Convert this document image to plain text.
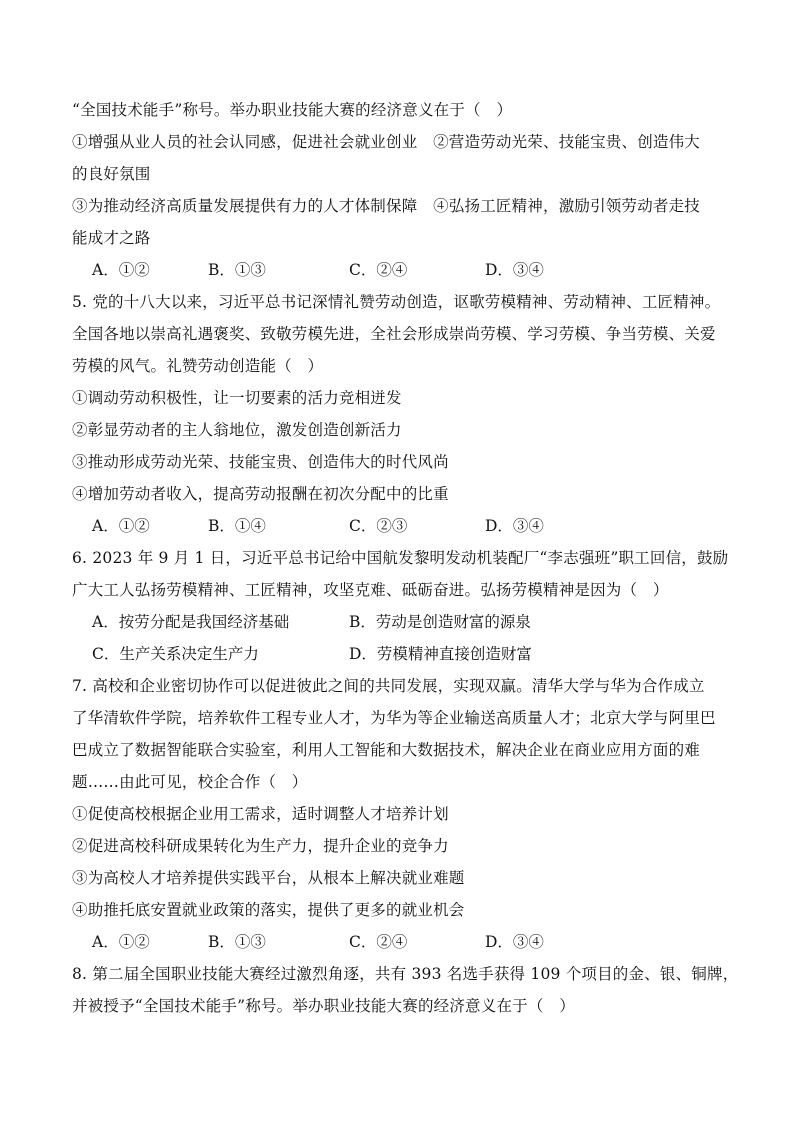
“全国技术能手”称号。举办职业技能大赛的经济意义在于（　）
①增强从业人员的社会认同感，促进社会就业创业　②营造劳动光荣、技能宝贵、创造伟大
的良好氛围
③为推动经济高质量发展提供有力的人才体制保障　④弘扬工匠精神，激励引领劳动者走技
能成才之路
A．①②	B．①③	C．②④	D．③④
5. 党的十八大以来，习近平总书记深情礼赞劳动创造，讴歌劳模精神、劳动精神、工匠精神。
全国各地以崇高礼遇褒奖、致敬劳模先进，全社会形成崇尚劳模、学习劳模、争当劳模、关爱
劳模的风气。礼赞劳动创造能（　）
①调动劳动积极性，让一切要素的活力竞相迸发
②彰显劳动者的主人翁地位，激发创造创新活力
③推动形成劳动光荣、技能宝贵、创造伟大的时代风尚
④增加劳动者收入，提高劳动报酬在初次分配中的比重
A．①②	B．①④	C．②③	D．③④
6. 2023 年 9 月 1 日，习近平总书记给中国航发黎明发动机装配厂“李志强班”职工回信，鼓励
广大工人弘扬劳模精神、工匠精神，攻坚克难、砥砺奋进。弘扬劳模精神是因为（　）
A．按劳分配是我国经济基础	B．劳动是创造财富的源泉
C．生产关系决定生产力	D．劳模精神直接创造财富
7. 高校和企业密切协作可以促进彼此之间的共同发展，实现双赢。清华大学与华为合作成立
了华清软件学院，培养软件工程专业人才，为华为等企业输送高质量人才；北京大学与阿里巴
巴成立了数据智能联合实验室，利用人工智能和大数据技术，解决企业在商业应用方面的难
题……由此可见，校企合作（　）
①促使高校根据企业用工需求，适时调整人才培养计划
②促进高校科研成果转化为生产力，提升企业的竞争力
③为高校人才培养提供实践平台，从根本上解决就业难题
④助推托底安置就业政策的落实，提供了更多的就业机会
A．①②	B．①③	C．②④	D．③④
8. 第二届全国职业技能大赛经过激烈角逐，共有 393 名选手获得 109 个项目的金、银、铜牌，
并被授予“全国技术能手”称号。举办职业技能大赛的经济意义在于（　）
